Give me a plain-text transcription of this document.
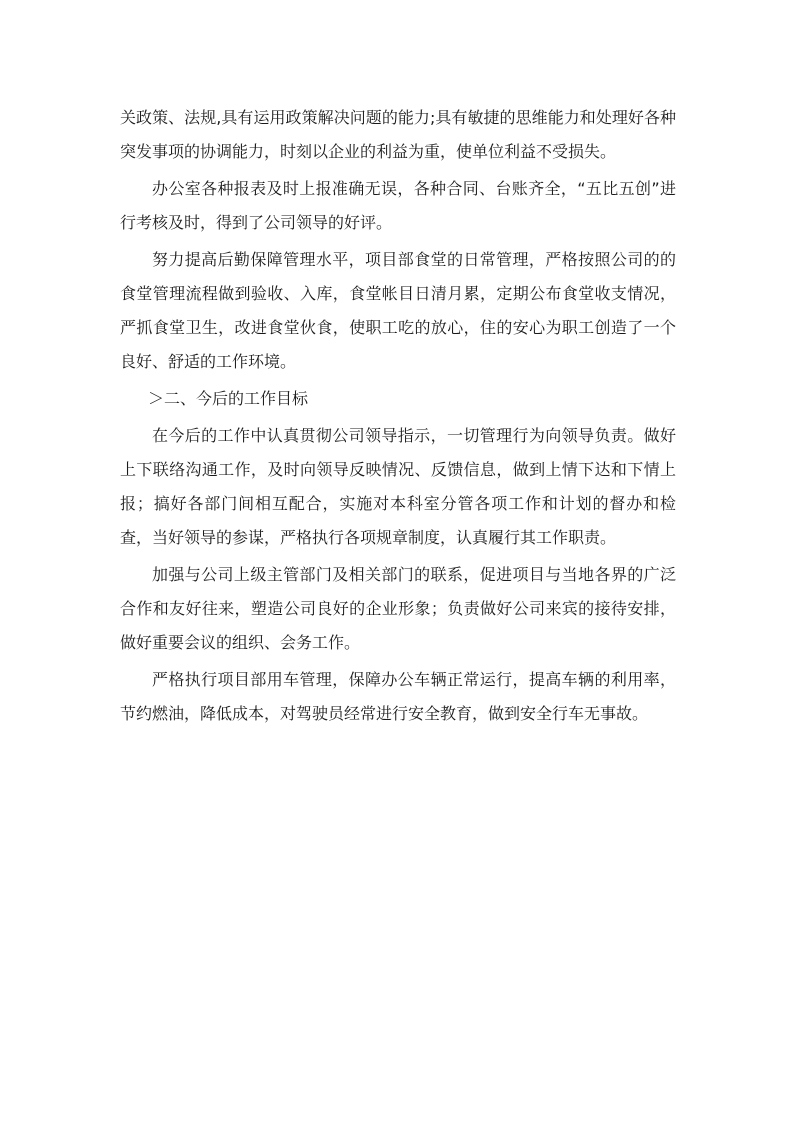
关政策、法规,具有运用政策解决问题的能力;具有敏捷的思维能力和处理好各种突发事项的协调能力，时刻以企业的利益为重，使单位利益不受损失。

办公室各种报表及时上报准确无误，各种合同、台账齐全，“五比五创”进行考核及时，得到了公司领导的好评。

努力提高后勤保障管理水平，项目部食堂的日常管理，严格按照公司的的食堂管理流程做到验收、入库，食堂帐目日清月累，定期公布食堂收支情况，严抓食堂卫生，改进食堂伙食，使职工吃的放心，住的安心为职工创造了一个良好、舒适的工作环境。

＞二、今后的工作目标

在今后的工作中认真贯彻公司领导指示，一切管理行为向领导负责。做好上下联络沟通工作，及时向领导反映情况、反馈信息，做到上情下达和下情上报；搞好各部门间相互配合，实施对本科室分管各项工作和计划的督办和检查，当好领导的参谋，严格执行各项规章制度，认真履行其工作职责。

加强与公司上级主管部门及相关部门的联系，促进项目与当地各界的广泛合作和友好往来，塑造公司良好的企业形象；负责做好公司来宾的接待安排，做好重要会议的组织、会务工作。

严格执行项目部用车管理，保障办公车辆正常运行，提高车辆的利用率，节约燃油，降低成本，对驾驶员经常进行安全教育，做到安全行车无事故。
